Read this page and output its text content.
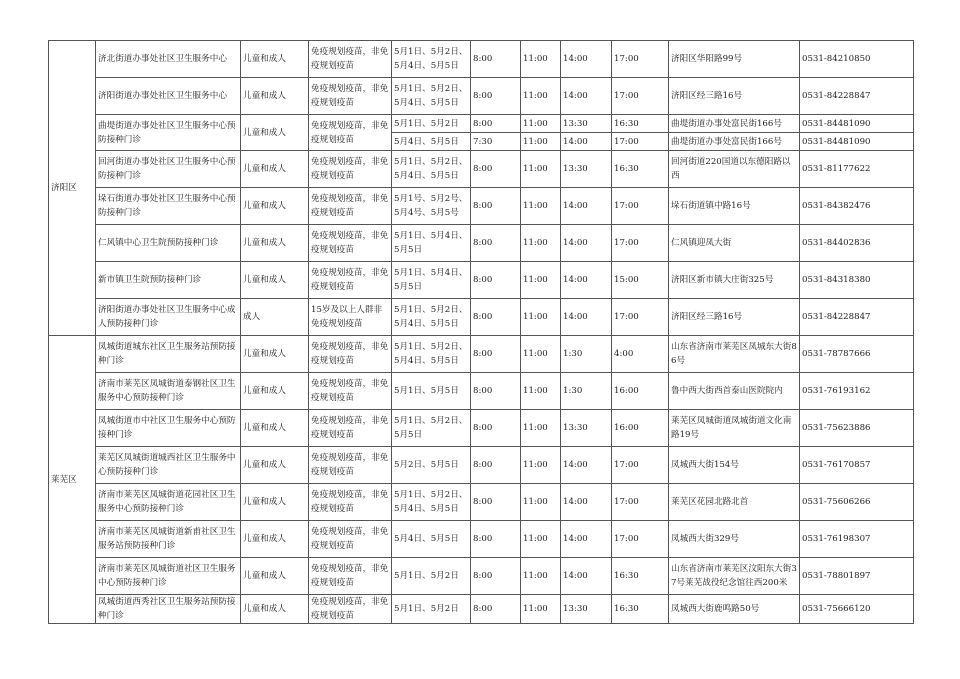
济阳区	济北街道办事处社区卫生服务中心	儿童和成人	免疫规划疫苗，非免
疫规划疫苗	5月1日、5月2日、
5月4日、5月5日	8:00	11:00	14:00	17:00	济阳区华阳路99号	0531-84210850
	济阳街道办事处社区卫生服务中心	儿童和成人	免疫规划疫苗，非免
疫规划疫苗	5月1日、5月2日、
5月4日、5月5日	8:00	11:00	14:00	17:00	济阳区经三路16号	0531-84228847
	曲堤街道办事处社区卫生服务中心预防接种门诊	儿童和成人	免疫规划疫苗，非免
疫规划疫苗	5月1日、5月2日	8:00	11:00	13:30	16:30	曲堤街道办事处富民街166号	0531-84481090

				5月4日、5月5日	7:30	11:00	14:00	17:00	曲堤街道办事处富民街166号	0531-84481090
	回河街道办事处社区卫生服务中心预防接种门诊	儿童和成人	免疫规划疫苗，非免
疫规划疫苗	5月1日、5月2日、
5月4日、5月5日	8:00	11:00	13:30	16:30	回河街道220国道以东德阳路以西	0531-81177622
	垛石街道办事处社区卫生服务中心预防接种门诊	儿童和成人	免疫规划疫苗，非免
疫规划疫苗	5月1号、5月2号、
5月4号、5月5号	8:00	11:00	14:00	17:00	垛石街道镇中路16号	0531-84382476
	仁风镇中心卫生院预防接种门诊	儿童和成人	免疫规划疫苗，非免
疫规划疫苗	5月1日、5月4日、
5月5日	8:00	11:00	14:00	17:00	仁风镇迎凤大街	0531-84402836
	新市镇卫生院预防接种门诊	儿童和成人	免疫规划疫苗，非免
疫规划疫苗	5月1日、5月4日、
5月5日	8:00	11:00	14:00	15:00	济阳区新市镇大庄街325号	0531-84318380
	济阳街道办事处社区卫生服务中心成人预防接种门诊	成人	15岁及以上人群非
免疫规划疫苗	5月1日、5月2日、
5月4日、5月5日	8:00	11:00	14:00	17:00	济阳区经三路16号	0531-84228847
莱芜区	凤城街道城东社区卫生服务站预防接种门诊	儿童和成人	免疫规划疫苗，非免
疫规划疫苗	5月1日、5月2日、
5月4日、5月5日	8:00	11:00	1:30	4:00	山东省济南市莱芜区凤城东大街86号	0531-78787666
	济南市莱芜区凤城街道泰钢社区卫生服务中心预防接种门诊	儿童和成人	免疫规划疫苗，非免
疫规划疫苗	5月1日、5月5日	8:00	11:00	1:30	16:00	鲁中西大街西首泰山医院院内	0531-76193162
	凤城街道市中社区卫生服务中心预防接种门诊	儿童和成人	免疫规划疫苗，非免
疫规划疫苗	5月1日、5月2日、
5月5日	8:00	11:00	13:30	16:00	莱芜区凤城街道凤城街道文化南路19号	0531-75623886
	莱芜区凤城街道城西社区卫生服务中心预防接种门诊	儿童和成人	免疫规划疫苗，非免
疫规划疫苗	5月2日、5月5日	8:00	11:00	14:00	17:00	凤城西大街154号	0531-76170857
	济南市莱芜区凤城街道花园社区卫生服务中心预防接种门诊	儿童和成人	免疫规划疫苗，非免
疫规划疫苗	5月1日、5月2日、
5月4日、5月5日	8:00	11:00	14:00	17:00	莱芜区花园北路北首	0531-75606266
	济南市莱芜区凤城街道新甫社区卫生服务站预防接种门诊	儿童和成人	免疫规划疫苗，非免
疫规划疫苗	5月4日、5月5日	8:00	11:00	14:00	17:00	凤城西大街329号	0531-76198307
	济南市莱芜区凤城街道社区卫生服务中心预防接种门诊	儿童和成人	免疫规划疫苗，非免
疫规划疫苗	5月1日、5月2日	8:00	11:00	14:00	16:30	山东省济南市莱芜区汶阳东大街37号莱芜战役纪念馆往西200米	0531-78801897
	凤城街道西秀社区卫生服务站预防接种门诊	儿童和成人	免疫规划疫苗，非免
疫规划疫苗	5月1日、5月2日	8:00	11:00	13:30	16:30	凤城西大街鹿鸣路50号	0531-75666120
